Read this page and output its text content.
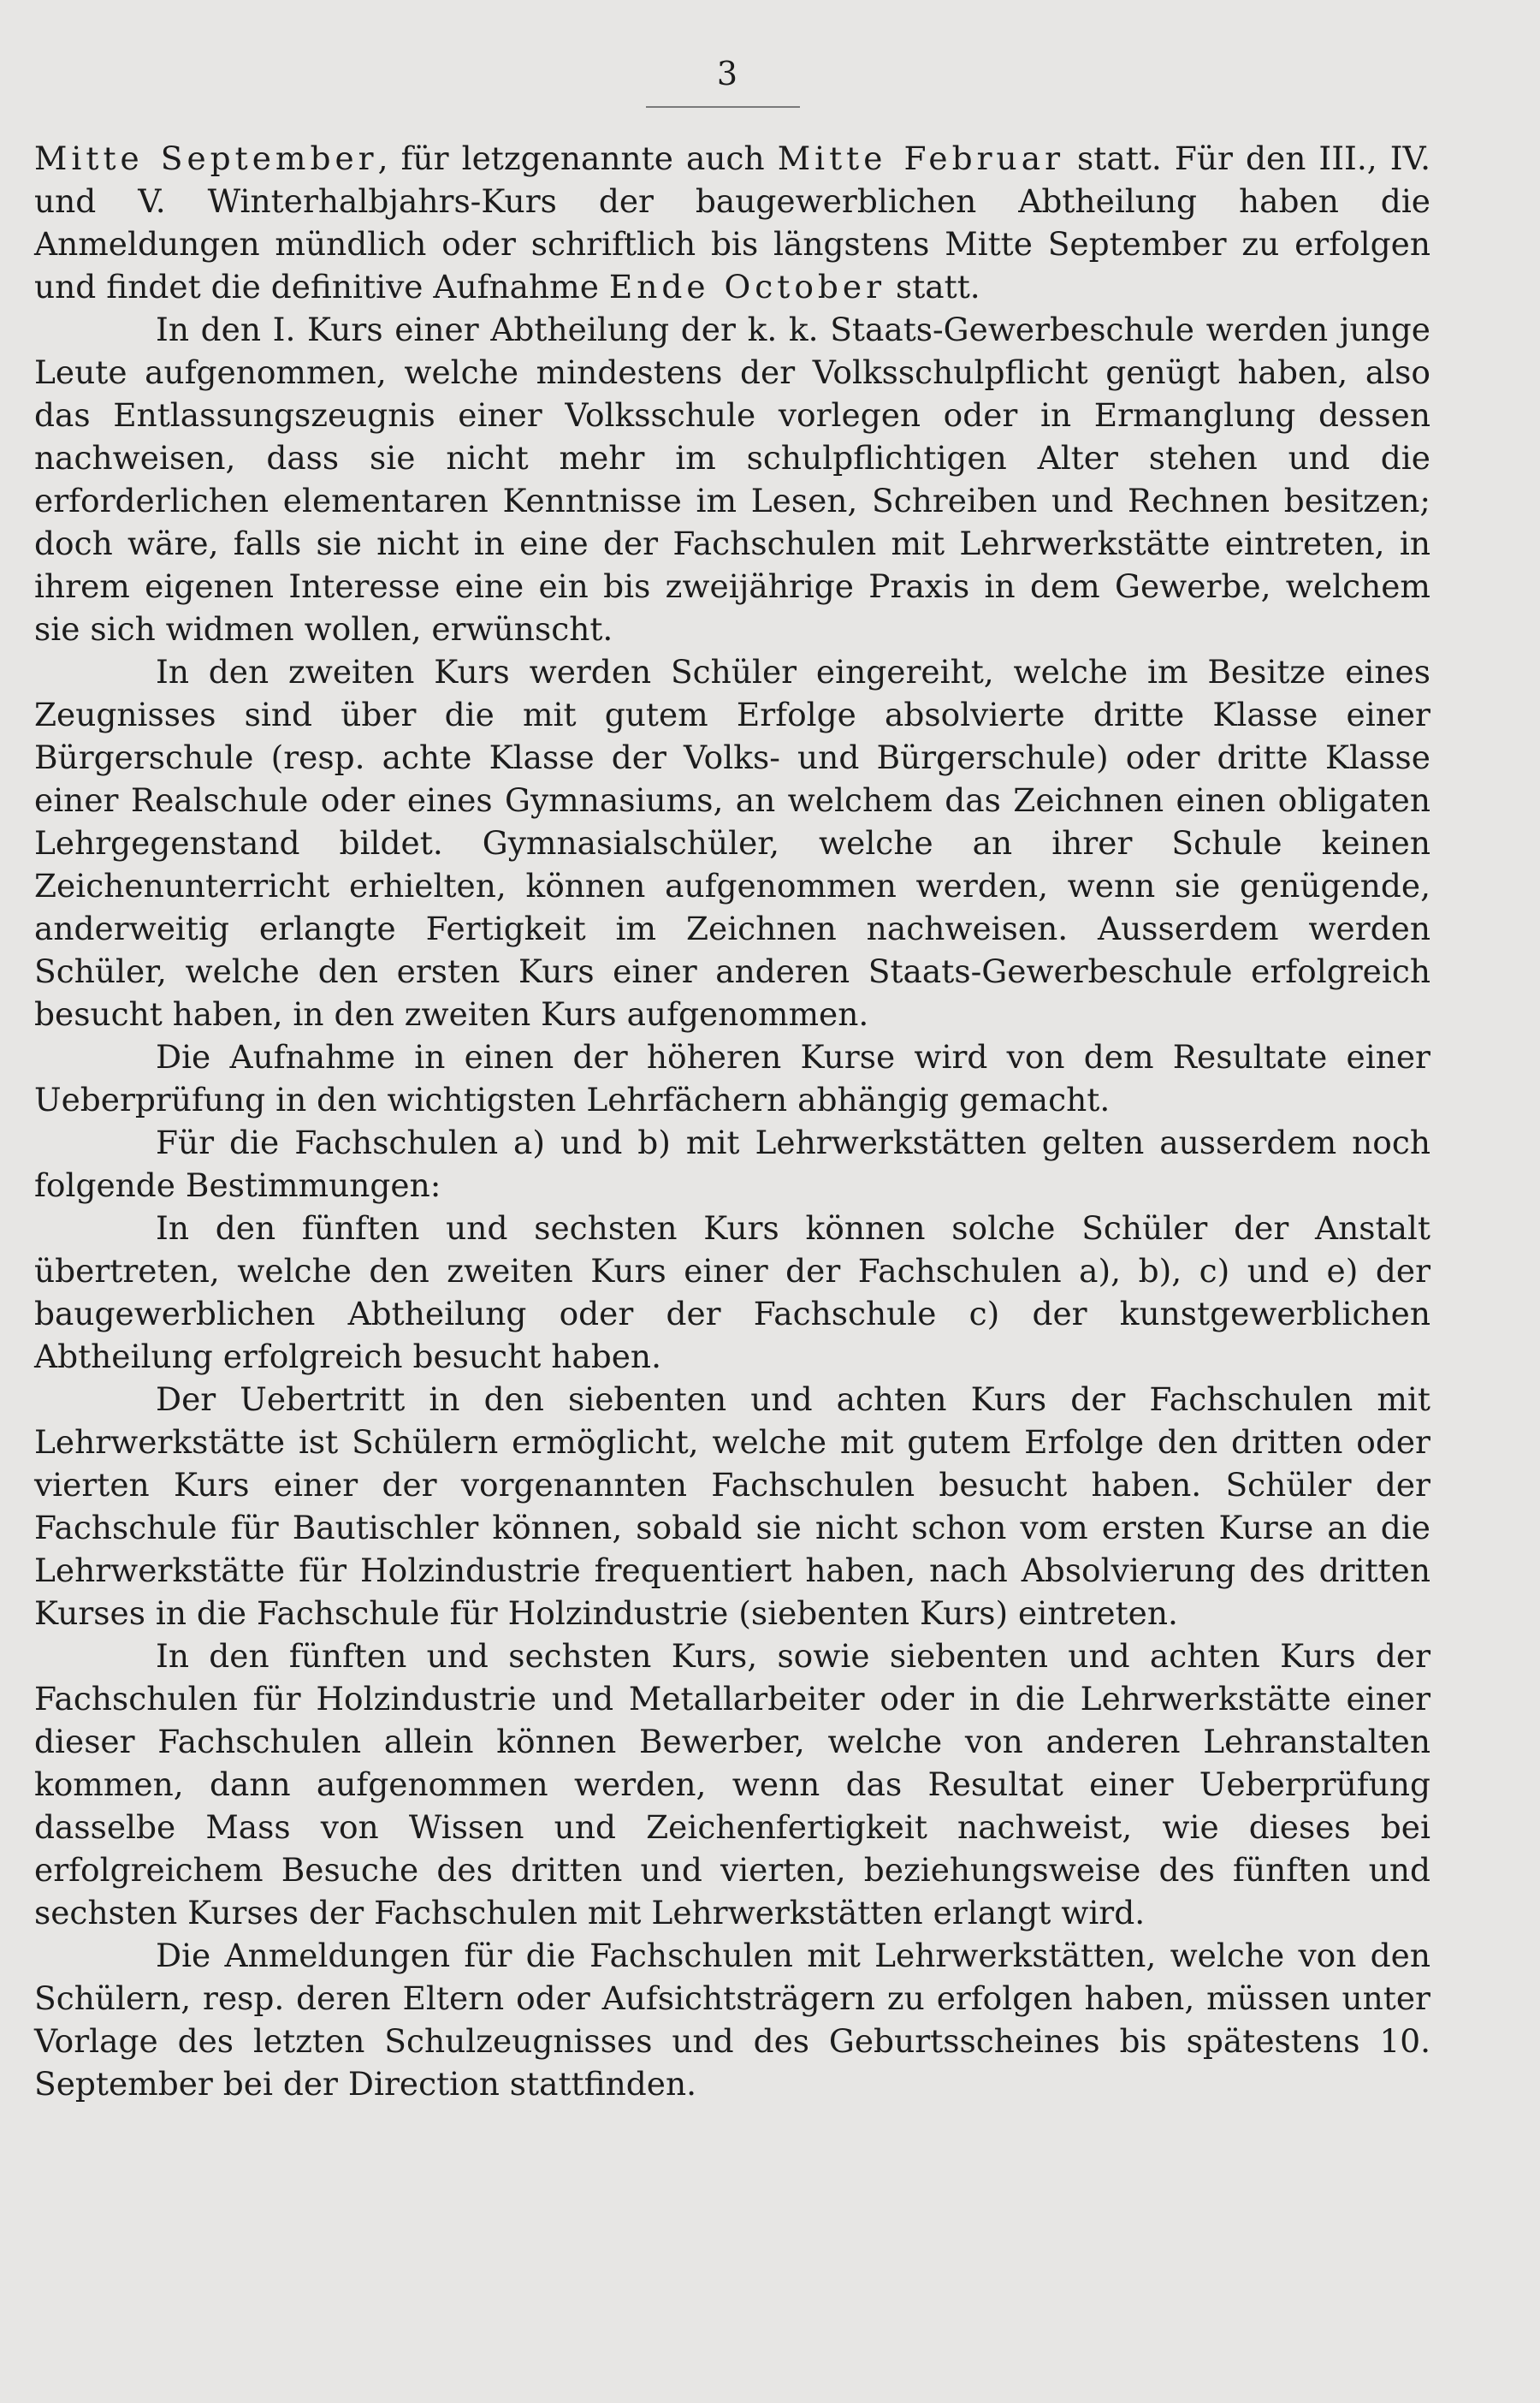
3

Mitte September, für letzgenannte auch Mitte Februar statt. Für den III., IV. und V. Winterhalbjahrs-Kurs der baugewerblichen Abtheilung haben die Anmeldungen mündlich oder schriftlich bis längstens Mitte September zu erfolgen und findet die definitive Aufnahme Ende October statt.

In den I. Kurs einer Abtheilung der k. k. Staats-Gewerbeschule werden junge Leute aufgenommen, welche mindestens der Volksschulpflicht genügt haben, also das Entlassungszeugnis einer Volksschule vorlegen oder in Ermanglung dessen nachweisen, dass sie nicht mehr im schulpflichtigen Alter stehen und die erforderlichen elementaren Kenntnisse im Lesen, Schreiben und Rechnen besitzen; doch wäre, falls sie nicht in eine der Fachschulen mit Lehrwerkstätte eintreten, in ihrem eigenen Interesse eine ein bis zweijährige Praxis in dem Gewerbe, welchem sie sich widmen wollen, erwünscht.

In den zweiten Kurs werden Schüler eingereiht, welche im Besitze eines Zeugnisses sind über die mit gutem Erfolge absolvierte dritte Klasse einer Bürgerschule (resp. achte Klasse der Volks- und Bürgerschule) oder dritte Klasse einer Realschule oder eines Gymnasiums, an welchem das Zeichnen einen obligaten Lehrgegenstand bildet. Gymnasialschüler, welche an ihrer Schule keinen Zeichenunterricht erhielten, können aufgenommen werden, wenn sie genügende, anderweitig erlangte Fertigkeit im Zeichnen nachweisen. Ausserdem werden Schüler, welche den ersten Kurs einer anderen Staats-Gewerbeschule erfolgreich besucht haben, in den zweiten Kurs aufgenommen.

Die Aufnahme in einen der höheren Kurse wird von dem Resultate einer Ueberprüfung in den wichtigsten Lehrfächern abhängig gemacht.

Für die Fachschulen a) und b) mit Lehrwerkstätten gelten ausserdem noch folgende Bestimmungen:

In den fünften und sechsten Kurs können solche Schüler der Anstalt übertreten, welche den zweiten Kurs einer der Fachschulen a), b), c) und e) der baugewerblichen Abtheilung oder der Fachschule c) der kunstgewerblichen Abtheilung erfolgreich besucht haben.

Der Uebertritt in den siebenten und achten Kurs der Fachschulen mit Lehrwerkstätte ist Schülern ermöglicht, welche mit gutem Erfolge den dritten oder vierten Kurs einer der vorgenannten Fachschulen besucht haben. Schüler der Fachschule für Bautischler können, sobald sie nicht schon vom ersten Kurse an die Lehrwerkstätte für Holzindustrie frequentiert haben, nach Absolvierung des dritten Kurses in die Fachschule für Holzindustrie (siebenten Kurs) eintreten.

In den fünften und sechsten Kurs, sowie siebenten und achten Kurs der Fachschulen für Holzindustrie und Metallarbeiter oder in die Lehrwerkstätte einer dieser Fachschulen allein können Bewerber, welche von anderen Lehranstalten kommen, dann aufgenommen werden, wenn das Resultat einer Ueberprüfung dasselbe Mass von Wissen und Zeichenfertigkeit nachweist, wie dieses bei erfolgreichem Besuche des dritten und vierten, beziehungsweise des fünften und sechsten Kurses der Fachschulen mit Lehrwerkstätten erlangt wird.

Die Anmeldungen für die Fachschulen mit Lehrwerkstätten, welche von den Schülern, resp. deren Eltern oder Aufsichtsträgern zu erfolgen haben, müssen unter Vorlage des letzten Schulzeugnisses und des Geburtsscheines bis spätestens 10. September bei der Direction stattfinden.
